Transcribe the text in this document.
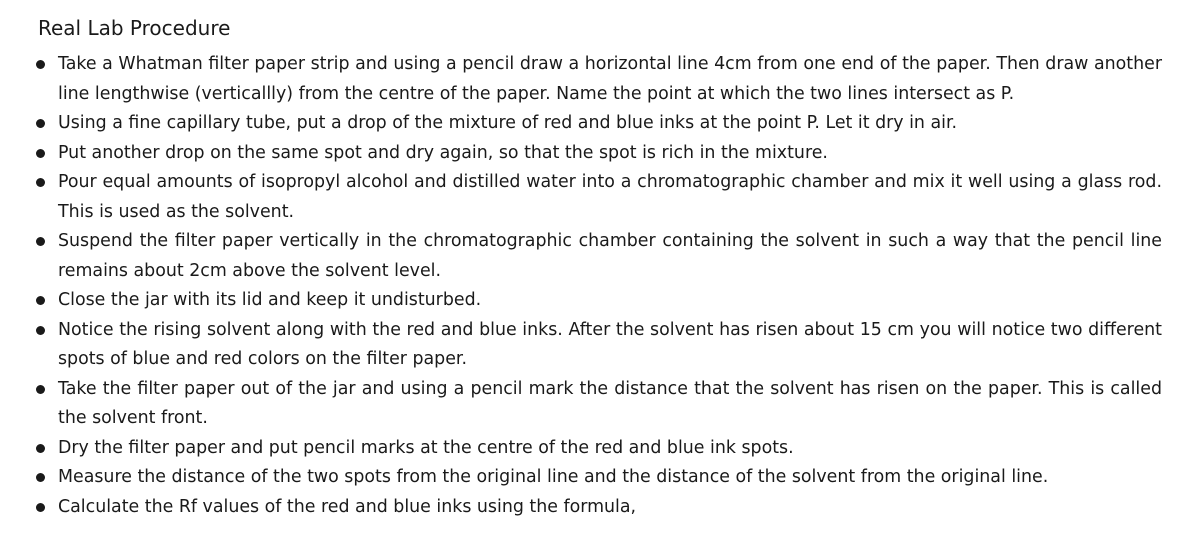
Real Lab Procedure
Take a Whatman filter paper strip and using a pencil draw a horizontal line 4cm from one end of the paper. Then draw another line lengthwise (verticallly) from the centre of the paper. Name the point at which the two lines intersect as P.
Using a fine capillary tube, put a drop of the mixture of red and blue inks at the point P. Let it dry in air.
Put another drop on the same spot and dry again, so that the spot is rich in the mixture.
Pour equal amounts of isopropyl alcohol and distilled water into a chromatographic chamber and mix it well using a glass rod. This is used as the solvent.
Suspend the filter paper vertically in the chromatographic chamber containing the solvent in such a way that the pencil line remains about 2cm above the solvent level.
Close the jar with its lid and keep it undisturbed.
Notice the rising solvent along with the red and blue inks. After the solvent has risen about 15 cm you will notice two different spots of blue and red colors on the filter paper.
Take the filter paper out of the jar and using a pencil mark the distance that the solvent has risen on the paper. This is called the solvent front.
Dry the filter paper and put pencil marks at the centre of the red and blue ink spots.
Measure the distance of the two spots from the original line and the distance of the solvent from the original line.
Calculate the Rf values of the red and blue inks using the formula,
